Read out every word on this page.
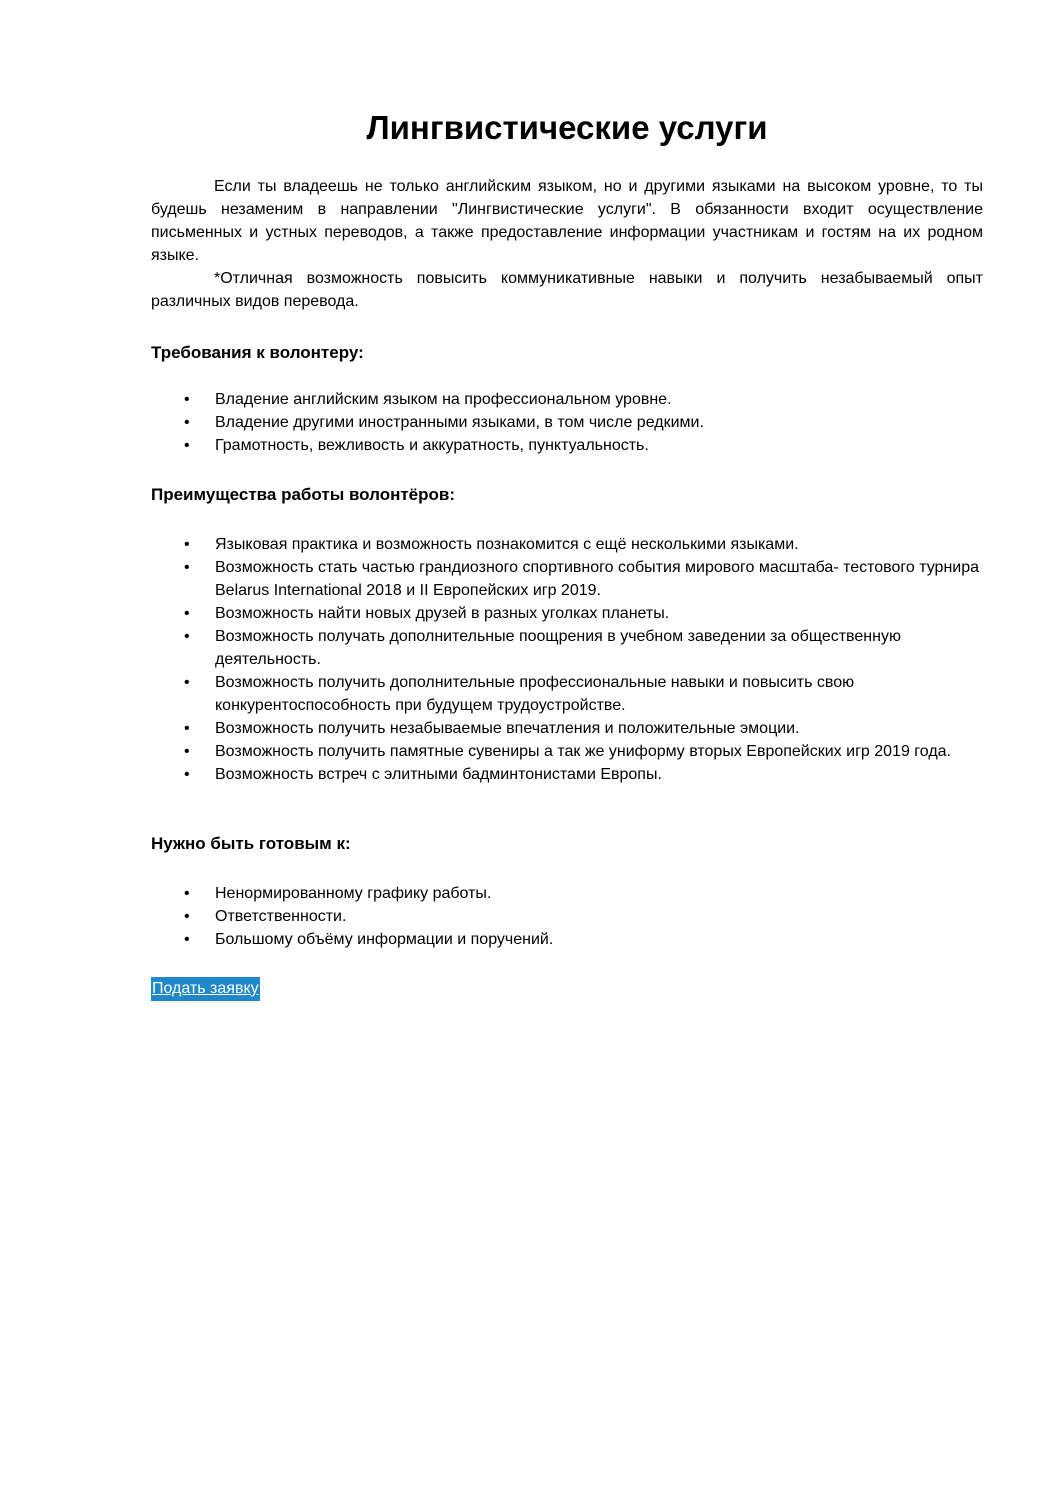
Лингвистические услуги

Если ты владеешь не только английским языком, но и другими языками на высоком уровне, то ты будешь незаменим в направлении "Лингвистические услуги". В обязанности входит осуществление письменных и устных переводов, а также предоставление информации участникам и гостям на их родном языке.

*Отличная возможность повысить коммуникативные навыки и получить незабываемый опыт различных видов перевода.

Требования к волонтеру:
• Владение английским языком на профессиональном уровне.
• Владение другими иностранными языками, в том числе редкими.
• Грамотность, вежливость и аккуратность, пунктуальность.
Преимущества работы волонтёров:
• Языковая практика и возможность познакомится с ещё несколькими языками.
• Возможность стать частью грандиозного спортивного события мирового масштаба- тестового турнира Belarus International 2018 и II Европейских игр 2019.
• Возможность найти новых друзей в разных уголках планеты.
• Возможность получать дополнительные поощрения в учебном заведении за общественную деятельность.
• Возможность получить дополнительные профессиональные навыки и повысить свою конкурентоспособность при будущем трудоустройстве.
• Возможность получить незабываемые впечатления и положительные эмоции.
• Возможность получить памятные сувениры а так же униформу вторых Европейских игр 2019 года.
• Возможность встреч с элитными бадминтонистами Европы.
Нужно быть готовым к:
• Ненормированному графику работы.
• Ответственности.
• Большому объёму информации и поручений.
Подать заявку
